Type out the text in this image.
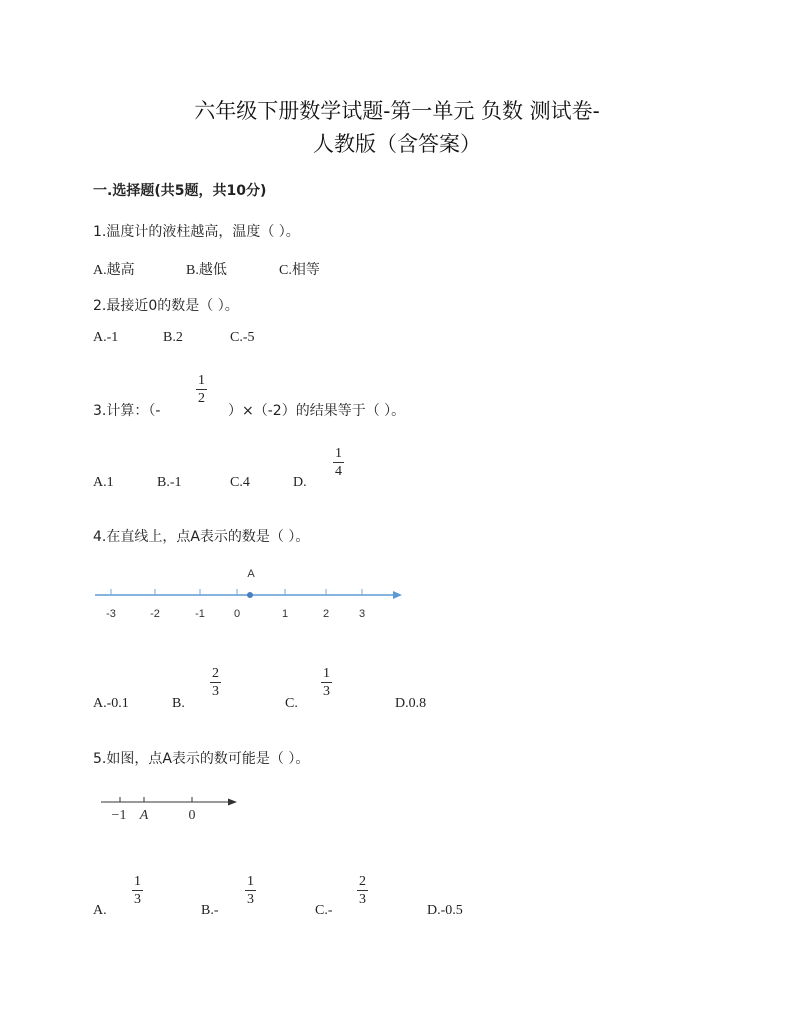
六年级下册数学试题-第一单元 负数 测试卷-
人教版（含答案）
一.选择题(共5题，共10分)
1.温度计的液柱越高，温度（ ）。
A.越高	B.越低	C.相等
2.最接近0的数是（ ）。
A.-1	B.2	C.-5
3.计算：（-
1
2
）×（-2）的结果等于（ ）。
A.1	B.-1	C.4	D.
1
4
4.在直线上，点A表示的数是（ ）。
A
-3	-2	-1	0	1	2	3
A.-0.1	B.
2
3
C.
1
3
D.0.8
5.如图，点A表示的数可能是（ ）。
−1 A	0
A.
1
3
B.-
1
3
C.-
2
3
D.-0.5
